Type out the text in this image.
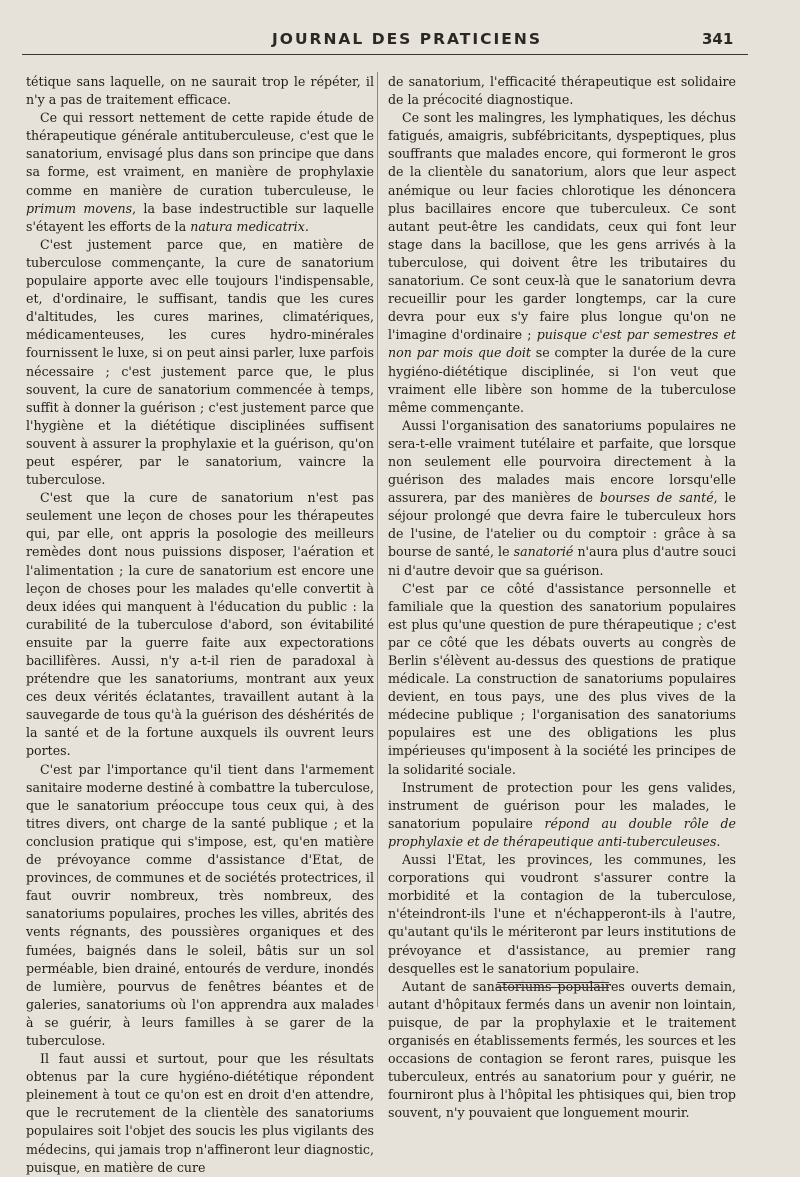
JOURNAL DES PRATICIENS	341

tétique sans laquelle, on ne saurait trop le répéter, il n'y a pas de traitement efficace.

Ce qui ressort nettement de cette rapide étude de thérapeutique générale antituberculeuse, c'est que le sanatorium, envisagé plus dans son principe que dans sa forme, est vraiment, en manière de prophylaxie comme en manière de curation tuberculeuse, le primum movens, la base indestructible sur laquelle s'étayent les efforts de la natura medicatrix.

C'est justement parce que, en matière de tuberculose commençante, la cure de sanatorium populaire apporte avec elle toujours l'indispensable, et, d'ordinaire, le suffisant, tandis que les cures d'altitudes, les cures marines, climatériques, médicamenteuses, les cures hydro-minérales fournissent le luxe, si on peut ainsi parler, luxe parfois nécessaire ; c'est justement parce que, le plus souvent, la cure de sanatorium commencée à temps, suffit à donner la guérison ; c'est justement parce que l'hygiène et la diététique disciplinées suffisent souvent à assurer la prophylaxie et la guérison, qu'on peut espérer, par le sanatorium, vaincre la tuberculose.

C'est que la cure de sanatorium n'est pas seulement une leçon de choses pour les thérapeutes qui, par elle, ont appris la posologie des meilleurs remèdes dont nous puissions disposer, l'aération et l'alimentation ; la cure de sanatorium est encore une leçon de choses pour les malades qu'elle convertit à deux idées qui manquent à l'éducation du public : la curabilité de la tuberculose d'abord, son évitabilité ensuite par la guerre faite aux expectorations bacillifères. Aussi, n'y a-t-il rien de paradoxal à prétendre que les sanatoriums, montrant aux yeux ces deux vérités éclatantes, travaillent autant à la sauvegarde de tous qu'à la guérison des déshérités de la santé et de la fortune auxquels ils ouvrent leurs portes.

C'est par l'importance qu'il tient dans l'armement sanitaire moderne destiné à combattre la tuberculose, que le sanatorium préoccupe tous ceux qui, à des titres divers, ont charge de la santé publique ; et la conclusion pratique qui s'impose, est, qu'en matière de prévoyance comme d'assistance d'Etat, de provinces, de communes et de sociétés protectrices, il faut ouvrir nombreux, très nombreux, des sanatoriums populaires, proches les villes, abrités des vents régnants, des poussières organiques et des fumées, baignés dans le soleil, bâtis sur un sol perméable, bien drainé, entourés de verdure, inondés de lumière, pourvus de fenêtres béantes et de galeries, sanatoriums où l'on apprendra aux malades à se guérir, à leurs familles à se garer de la tuberculose.

Il faut aussi et surtout, pour que les résultats obtenus par la cure hygiéno-diététique répondent pleinement à tout ce qu'on est en droit d'en attendre, que le recrutement de la clientèle des sanatoriums populaires soit l'objet des soucis les plus vigilants des médecins, qui jamais trop n'affineront leur diagnostic, puisque, en matière de cure

de sanatorium, l'efficacité thérapeutique est solidaire de la précocité diagnostique.

Ce sont les malingres, les lymphatiques, les déchus fatigués, amaigris, subfébricitants, dyspeptiques, plus souffrants que malades encore, qui formeront le gros de la clientèle du sanatorium, alors que leur aspect anémique ou leur facies chlorotique les dénoncera plus bacillaires encore que tuberculeux. Ce sont autant peut-être les candidats, ceux qui font leur stage dans la bacillose, que les gens arrivés à la tuberculose, qui doivent être les tributaires du sanatorium. Ce sont ceux-là que le sanatorium devra recueillir pour les garder longtemps, car la cure devra pour eux s'y faire plus longue qu'on ne l'imagine d'ordinaire ; puisque c'est par semestres et non par mois que doit se compter la durée de la cure hygiéno-diététique disciplinée, si l'on veut que vraiment elle libère son homme de la tuberculose même commençante.

Aussi l'organisation des sanatoriums populaires ne sera-t-elle vraiment tutélaire et parfaite, que lorsque non seulement elle pourvoira directement à la guérison des malades mais encore lorsqu'elle assurera, par des manières de bourses de santé, le séjour prolongé que devra faire le tuberculeux hors de l'usine, de l'atelier ou du comptoir : grâce à sa bourse de santé, le sanatorié n'aura plus d'autre souci ni d'autre devoir que sa guérison.

C'est par ce côté d'assistance personnelle et familiale que la question des sanatorium populaires est plus qu'une question de pure thérapeutique ; c'est par ce côté que les débats ouverts au congrès de Berlin s'élèvent au-dessus des questions de pratique médicale. La construction de sanatoriums populaires devient, en tous pays, une des plus vives de la médecine publique ; l'organisation des sanatoriums populaires est une des obligations les plus impérieuses qu'imposent à la société les principes de la solidarité sociale.

Instrument de protection pour les gens valides, instrument de guérison pour les malades, le sanatorium populaire répond au double rôle de prophylaxie et de thérapeutique anti-tuberculeuses.

Aussi l'Etat, les provinces, les communes, les corporations qui voudront s'assurer contre la morbidité et la contagion de la tuberculose, n'éteindront-ils l'une et n'échapperont-ils à l'autre, qu'autant qu'ils le mériteront par leurs institutions de prévoyance et d'assistance, au premier rang desquelles est le sanatorium populaire.

Autant de sanatoriums populaires ouverts demain, autant d'hôpitaux fermés dans un avenir non lointain, puisque, de par la prophylaxie et le traitement organisés en établissements fermés, les sources et les occasions de contagion se feront rares, puisque les tuberculeux, entrés au sanatorium pour y guérir, ne fourniront plus à l'hôpital les phtisiques qui, bien trop souvent, n'y pouvaient que longuement mourir.
